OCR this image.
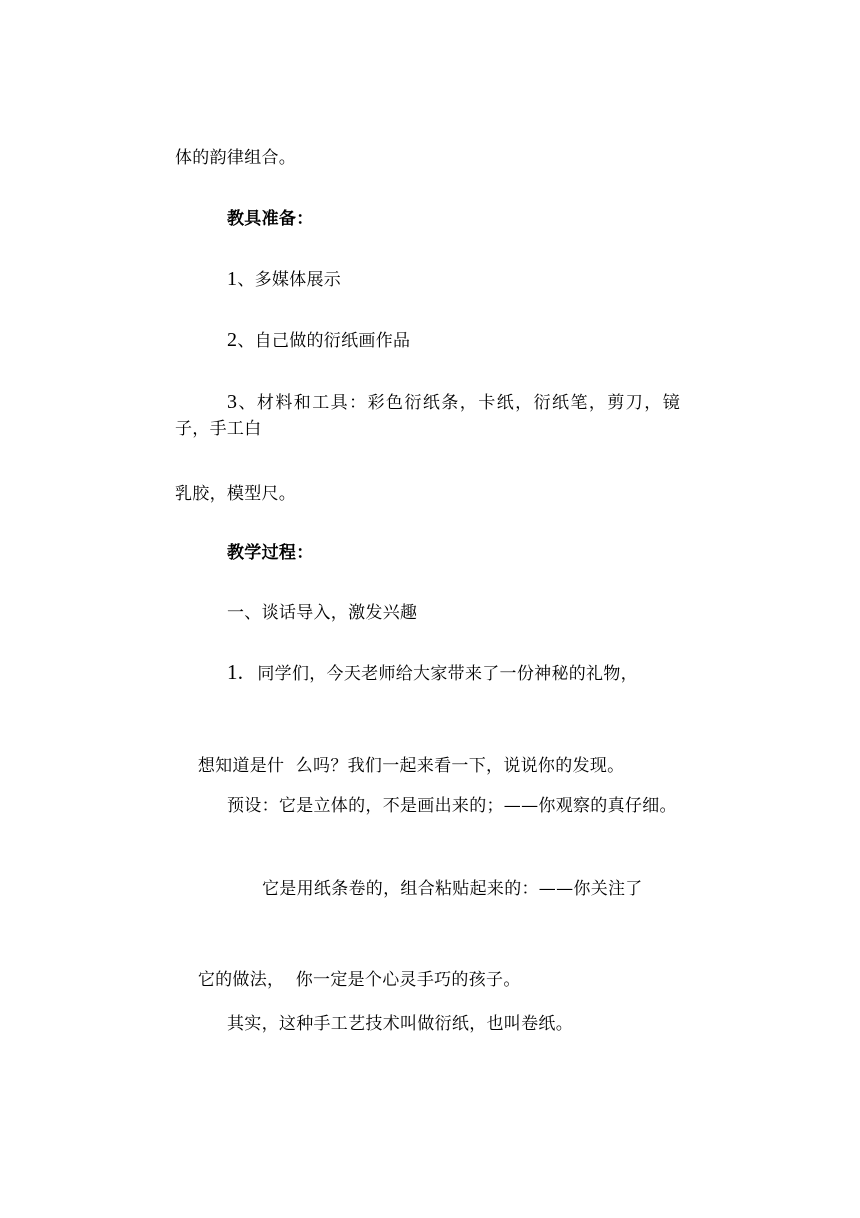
体的韵律组合。
教具准备：
1、多媒体展示
2、自己做的衍纸画作品
3、材料和工具：彩色衍纸条，卡纸，衍纸笔，剪刀，镜子，手工白
乳胶，模型尺。
教学过程：
一、谈话导入，激发兴趣
1. 同学们，今天老师给大家带来了一份神秘的礼物，

想知道是什  么吗？我们一起来看一下，说说你的发现。

预设：它是立体的，不是画出来的；——你观察的真仔细。
它是用纸条卷的，组合粘贴起来的：——你关注了

它的做法，  你一定是个心灵手巧的孩子。

其实，这种手工艺技术叫做衍纸，也叫卷纸。
